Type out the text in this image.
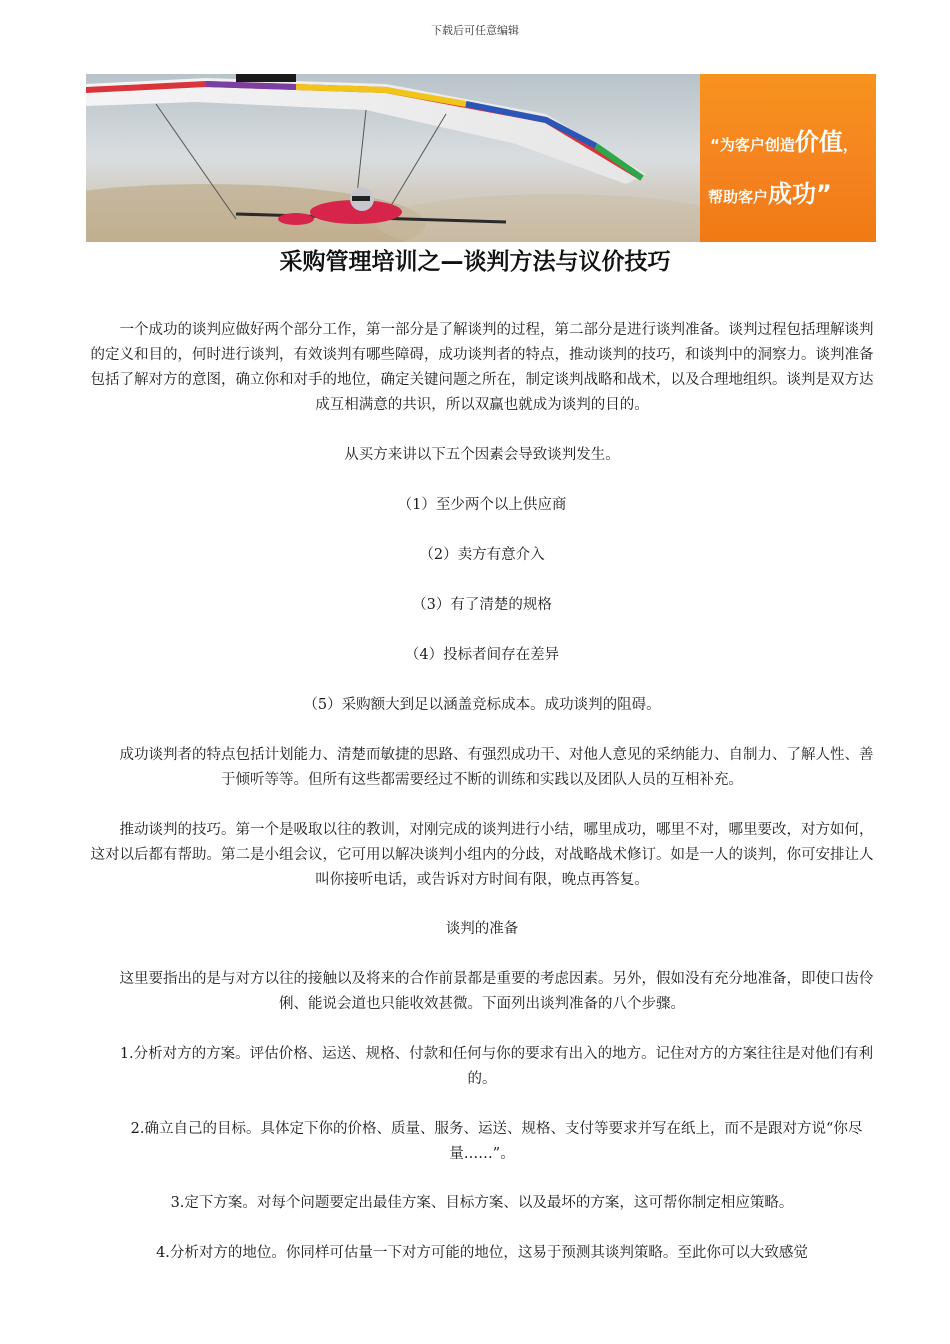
下载后可任意编辑
“为客户创造价值，
帮助客户成功”
采购管理培训之—谈判方法与议价技巧
一个成功的谈判应做好两个部分工作，第一部分是了解谈判的过程，第二部分是进行谈判准备。谈判过程包括理解谈判的定义和目的，何时进行谈判，有效谈判有哪些障碍，成功谈判者的特点，推动谈判的技巧，和谈判中的洞察力。谈判准备包括了解对方的意图，确立你和对手的地位，确定关键问题之所在，制定谈判战略和战术，以及合理地组织。谈判是双方达成互相满意的共识，所以双赢也就成为谈判的目的。
从买方来讲以下五个因素会导致谈判发生。
（1）至少两个以上供应商
（2）卖方有意介入
（3）有了清楚的规格
（4）投标者间存在差异
（5）采购额大到足以涵盖竞标成本。成功谈判的阻碍。
成功谈判者的特点包括计划能力、清楚而敏捷的思路、有强烈成功干、对他人意见的采纳能力、自制力、了解人性、善于倾听等等。但所有这些都需要经过不断的训练和实践以及团队人员的互相补充。
推动谈判的技巧。第一个是吸取以往的教训，对刚完成的谈判进行小结，哪里成功，哪里不对，哪里要改，对方如何，这对以后都有帮助。第二是小组会议，它可用以解决谈判小组内的分歧，对战略战术修订。如是一人的谈判，你可安排让人叫你接听电话，或告诉对方时间有限，晚点再答复。
谈判的准备
这里要指出的是与对方以往的接触以及将来的合作前景都是重要的考虑因素。另外，假如没有充分地准备，即使口齿伶俐、能说会道也只能收效甚微。下面列出谈判准备的八个步骤。
1.分析对方的方案。评估价格、运送、规格、付款和任何与你的要求有出入的地方。记住对方的方案往往是对他们有利的。
2.确立自己的目标。具体定下你的价格、质量、服务、运送、规格、支付等要求并写在纸上，而不是跟对方说“你尽量……”。
3.定下方案。对每个问题要定出最佳方案、目标方案、以及最坏的方案，这可帮你制定相应策略。
4.分析对方的地位。你同样可估量一下对方可能的地位，这易于预测其谈判策略。至此你可以大致感觉
